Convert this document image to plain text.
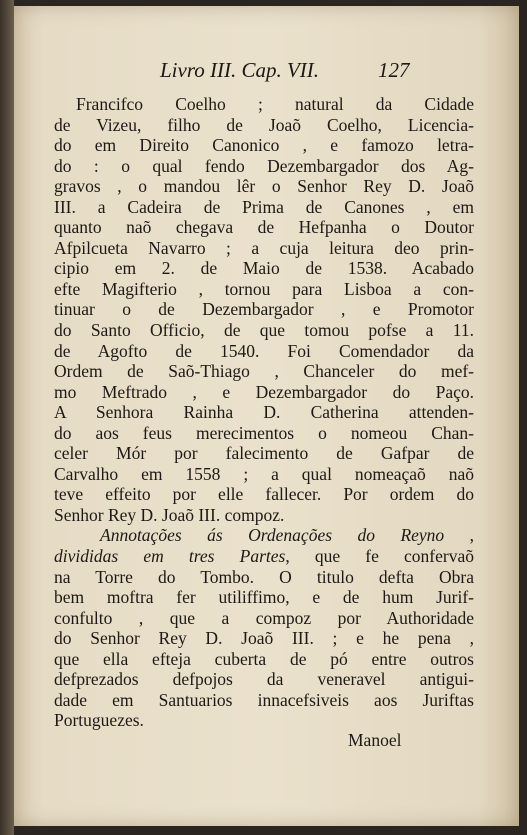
Livro III. Cap. VII.	127
Francifco Coelho ; natural da Cidade
de Vizeu, filho de Joaõ Coelho, Licencia-
do em Direito Canonico , e famozo letra-
do : o qual fendo Dezembargador dos Ag-
gravos , o mandou lêr o Senhor Rey D. Joaõ
III. a Cadeira de Prima de Canones , em
quanto naõ chegava de Hefpanha o Doutor
Afpilcueta Navarro ; a cuja leitura deo prin-
cipio em 2. de Maio de 1538. Acabado
efte Magifterio , tornou para Lisboa a con-
tinuar o de Dezembargador , e Promotor
do Santo Officio, de que tomou pofse a 11.
de Agofto de 1540. Foi Comendador da
Ordem de Saõ-Thiago , Chanceler do mef-
mo Meftrado , e Dezembargador do Paço.
A Senhora Rainha D. Catherina attenden-
do aos feus merecimentos o nomeou Chan-
celer Mór por falecimento de Gafpar de
Carvalho em 1558 ; a qual nomeaçaõ naõ
teve effeito por elle fallecer. Por ordem do
Senhor Rey D. Joaõ III. compoz.
Annotações ás Ordenações do Reyno ,
divididas em tres Partes, que fe confervaõ
na Torre do Tombo. O titulo defta Obra
bem moftra fer utiliffimo, e de hum Jurif-
confulto , que a compoz por Authoridade
do Senhor Rey D. Joaõ III. ; e he pena ,
que ella efteja cuberta de pó entre outros
defprezados defpojos da veneravel antigui-
dade em Santuarios innacefsiveis aos Juriftas
Portuguezes.
Manoel
